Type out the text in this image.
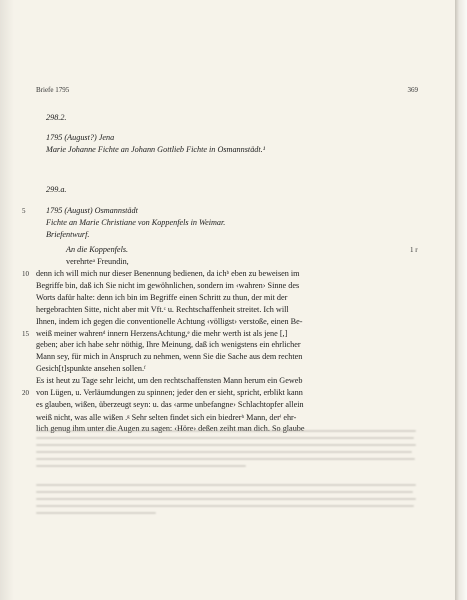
Briefe 1795	369
298.2.
1795 (August?) Jena
Marie Johanne Fichte an Johann Gottlieb Fichte in Osmannstädt.¹
299.a.
5	1795 (August) Osmannstädt
Fichte an Marie Christiane von Koppenfels in Weimar.
Briefentwurf.
An die Koppenfels.	1 r
verehrteᵃ Freundin,
denn ich will mich nur dieser Benennung bedienen, da ichᵇ eben zu beweisen im
10
Begriffe bin, daß ich Sie nicht im gewöhnlichen, sondern im ‹wahren› Sinne des
Worts dafür halte: denn ich bin im Begriffe einen Schritt zu thun, der mit der
hergebrachten Sitte, nicht aber mit Vft.ᶜ u. Rechtschaffenheit streitet. Ich will
Ihnen, indem ich gegen die conventionelle Achtung ‹völligst› verstoße, einen Be-
weiß meiner wahrenᵈ innern HerzensAchtung,ᵉ die mehr werth ist als jene [,]
15
geben; aber ich habe sehr nöthig, Ihre Meinung, daß ich wenigstens ein ehrlicher
Mann sey, für mich in Anspruch zu nehmen, wenn Sie die Sache aus dem rechten
Gesich[t]spunkte ansehen sollen.ᶠ
Es ist heut zu Tage sehr leicht, um den rechtschaffensten Mann herum ein Geweb
von Lügen, u. Verläumdungen zu spinnen; jeder den er sieht, spricht, erblikt kann
20
es glauben, wißen, überzeugt seyn: u. das ‹arme unbefangne› Schlachtopfer allein
weiß nicht, was alle wißen .ᵍ Sehr selten findet sich ein biedrerʰ Mann, derⁱ ehr-
lich genug ihm unter die Augen zu sagen: ‹Höre› deßen zeiht man dich. So glaube
